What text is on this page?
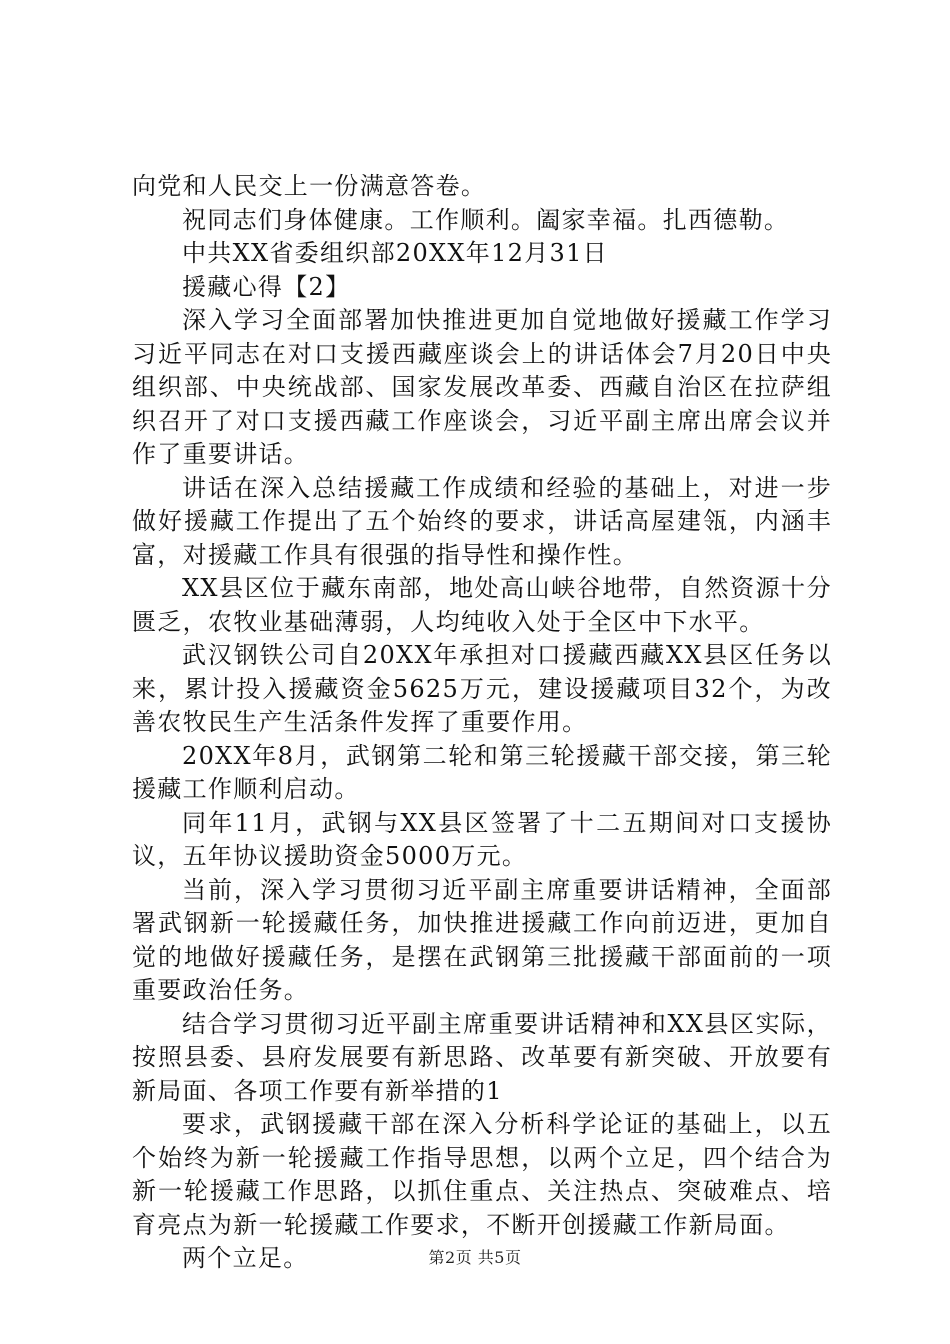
向党和人民交上一份满意答卷。

祝同志们身体健康。工作顺利。阖家幸福。扎西德勒。

中共XX省委组织部20XX年12月31日

援藏心得【2】

深入学习全面部署加快推进更加自觉地做好援藏工作学习习近平同志在对口支援西藏座谈会上的讲话体会7月20日中央组织部、中央统战部、国家发展改革委、西藏自治区在拉萨组织召开了对口支援西藏工作座谈会，习近平副主席出席会议并作了重要讲话。

讲话在深入总结援藏工作成绩和经验的基础上，对进一步做好援藏工作提出了五个始终的要求，讲话高屋建瓴，内涵丰富，对援藏工作具有很强的指导性和操作性。

XX县区位于藏东南部，地处高山峡谷地带，自然资源十分匮乏，农牧业基础薄弱，人均纯收入处于全区中下水平。

武汉钢铁公司自20XX年承担对口援藏西藏XX县区任务以来，累计投入援藏资金5625万元，建设援藏项目32个，为改善农牧民生产生活条件发挥了重要作用。

20XX年8月，武钢第二轮和第三轮援藏干部交接，第三轮援藏工作顺利启动。

同年11月，武钢与XX县区签署了十二五期间对口支援协议，五年协议援助资金5000万元。

当前，深入学习贯彻习近平副主席重要讲话精神，全面部署武钢新一轮援藏任务，加快推进援藏工作向前迈进，更加自觉的地做好援藏任务，是摆在武钢第三批援藏干部面前的一项重要政治任务。

结合学习贯彻习近平副主席重要讲话精神和XX县区实际，按照县委、县府发展要有新思路、改革要有新突破、开放要有新局面、各项工作要有新举措的1

要求，武钢援藏干部在深入分析科学论证的基础上，以五个始终为新一轮援藏工作指导思想，以两个立足，四个结合为新一轮援藏工作思路，以抓住重点、关注热点、突破难点、培育亮点为新一轮援藏工作要求，不断开创援藏工作新局面。

两个立足。	第2页 共5页
